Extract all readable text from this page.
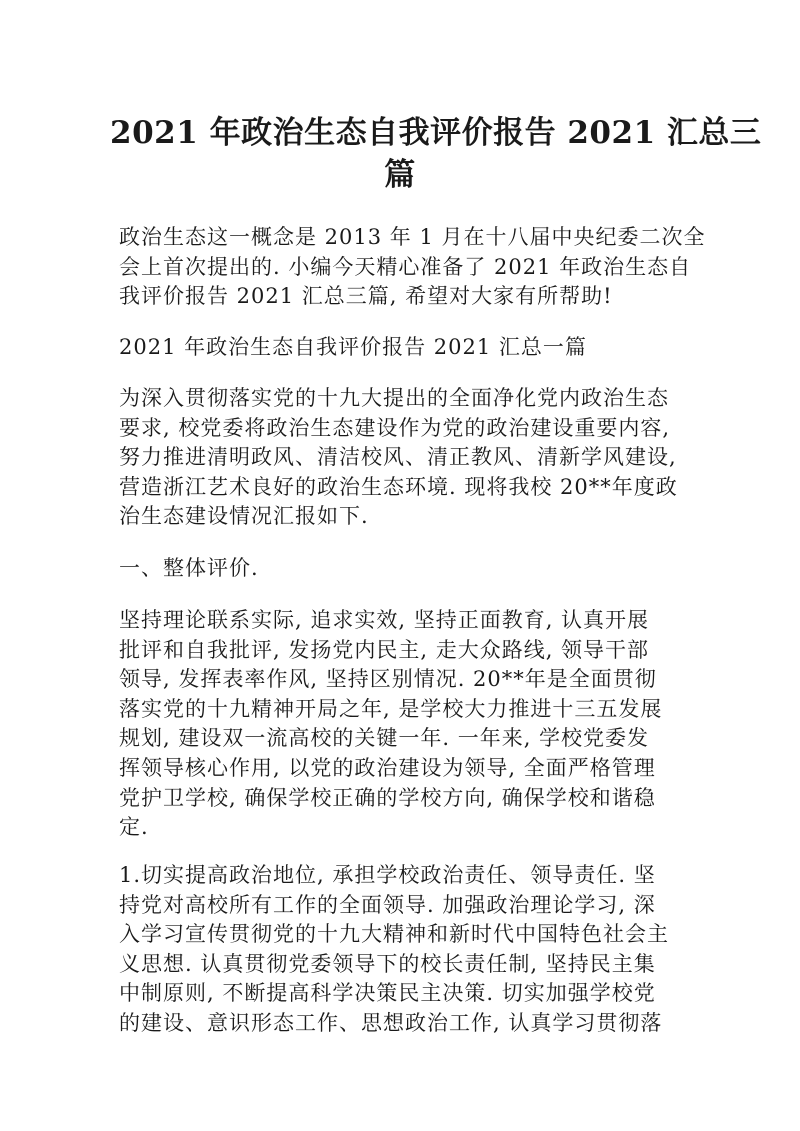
2021 年政治生态自我评价报告 2021 汇总三
篇
政治生态这一概念是 2013 年 1 月在十八届中央纪委二次全
会上首次提出的. 小编今天精心准备了 2021 年政治生态自
我评价报告 2021 汇总三篇, 希望对大家有所帮助!
2021 年政治生态自我评价报告 2021 汇总一篇
为深入贯彻落实党的十九大提出的全面净化党内政治生态
要求, 校党委将政治生态建设作为党的政治建设重要内容,
努力推进清明政风、清洁校风、清正教风、清新学风建设,
营造浙江艺术良好的政治生态环境. 现将我校 20**年度政
治生态建设情况汇报如下.
一、整体评价.
坚持理论联系实际, 追求实效, 坚持正面教育, 认真开展
批评和自我批评, 发扬党内民主, 走大众路线, 领导干部
领导, 发挥表率作风, 坚持区别情况. 20**年是全面贯彻
落实党的十九精神开局之年, 是学校大力推进十三五发展
规划, 建设双一流高校的关键一年. 一年来, 学校党委发
挥领导核心作用, 以党的政治建设为领导, 全面严格管理
党护卫学校, 确保学校正确的学校方向, 确保学校和谐稳
定.
1.切实提高政治地位, 承担学校政治责任、领导责任. 坚
持党对高校所有工作的全面领导. 加强政治理论学习, 深
入学习宣传贯彻党的十九大精神和新时代中国特色社会主
义思想. 认真贯彻党委领导下的校长责任制, 坚持民主集
中制原则, 不断提高科学决策民主决策. 切实加强学校党
的建设、意识形态工作、思想政治工作, 认真学习贯彻落
